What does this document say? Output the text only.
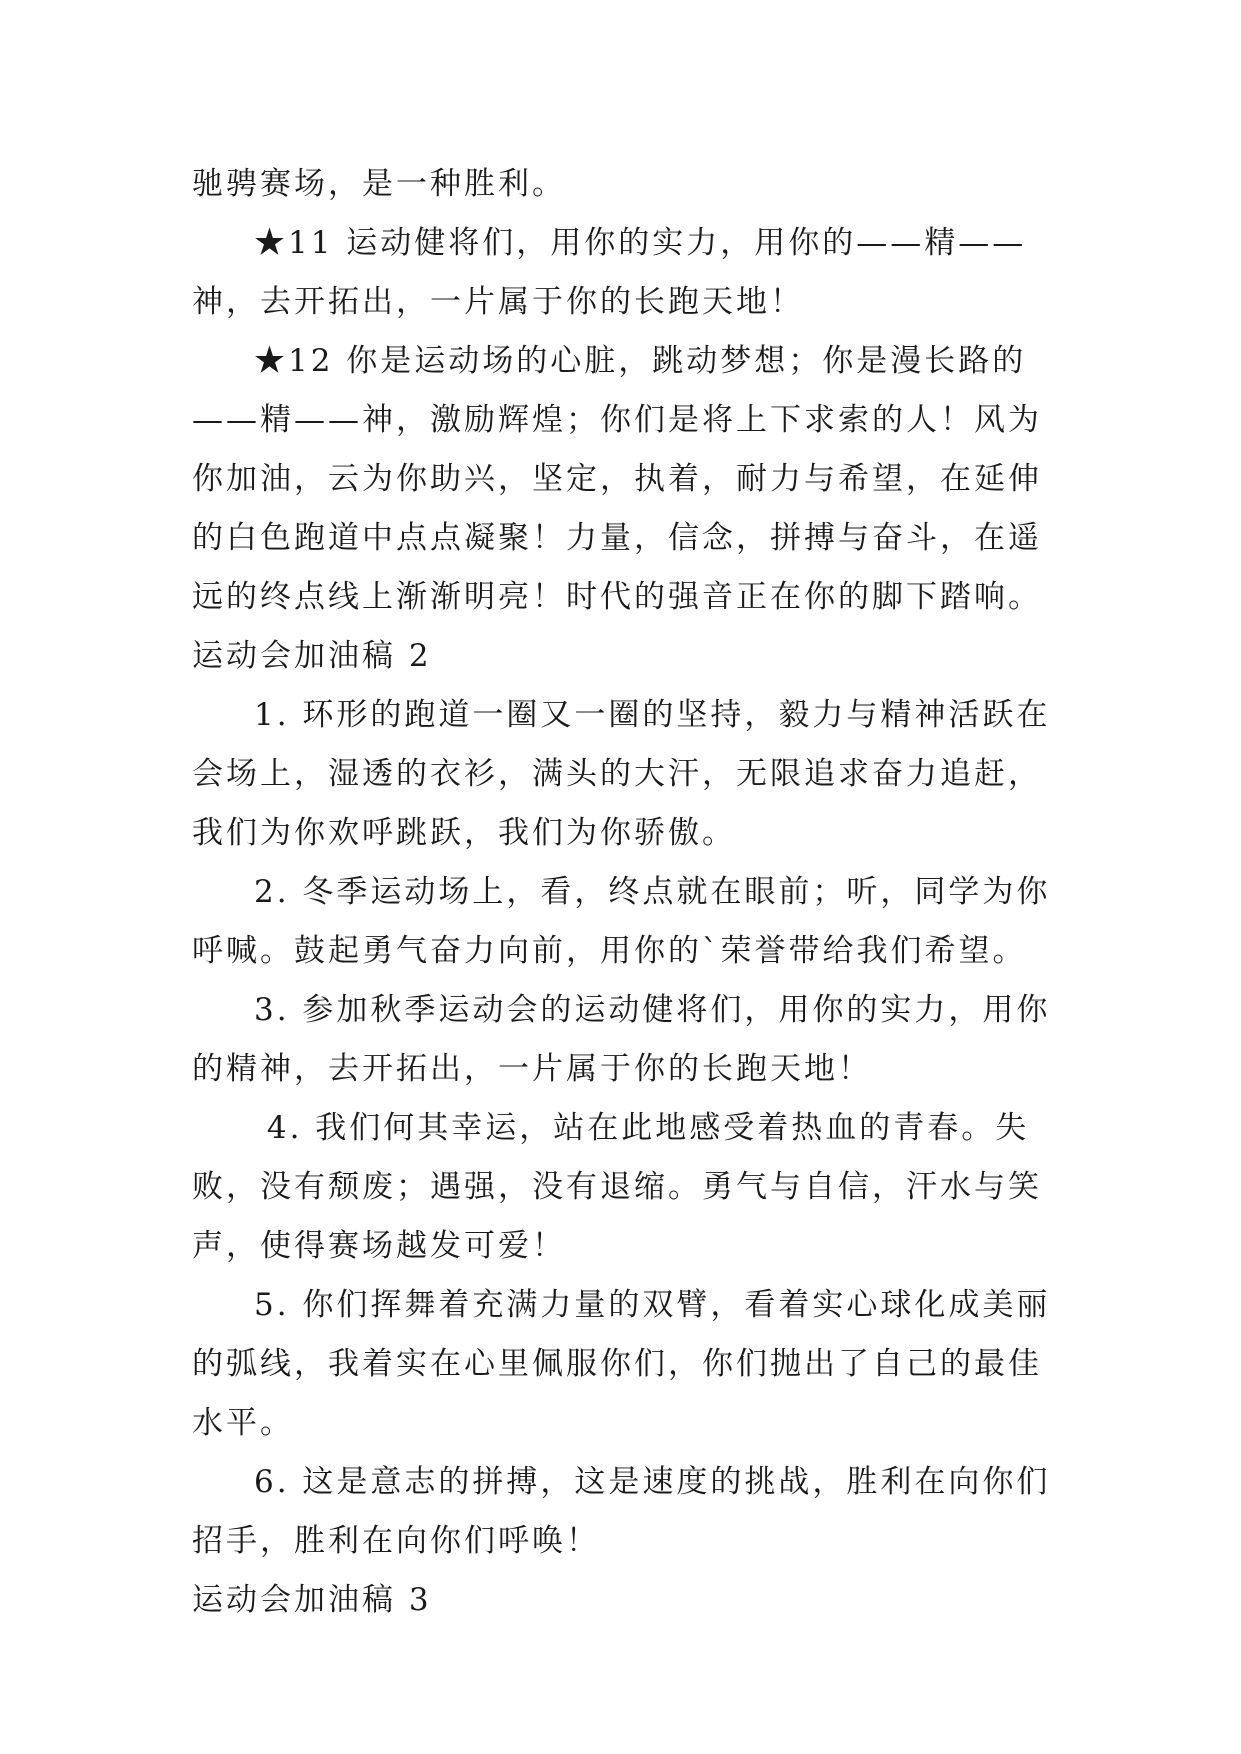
驰骋赛场，是一种胜利。

★11 运动健将们，用你的实力，用你的——精——神，去开拓出，一片属于你的长跑天地！

★12 你是运动场的心脏，跳动梦想；你是漫长路的——精——神，激励辉煌；你们是将上下求索的人！风为你加油，云为你助兴，坚定，执着，耐力与希望，在延伸的白色跑道中点点凝聚！力量，信念，拼搏与奋斗，在遥远的终点线上渐渐明亮！时代的强音正在你的脚下踏响。

运动会加油稿 2

1. 环形的跑道一圈又一圈的坚持，毅力与精神活跃在会场上，湿透的衣衫，满头的大汗，无限追求奋力追赶，我们为你欢呼跳跃，我们为你骄傲。

2. 冬季运动场上，看，终点就在眼前；听，同学为你呼喊。鼓起勇气奋力向前，用你的`荣誉带给我们希望。

3. 参加秋季运动会的运动健将们，用你的实力，用你的精神，去开拓出，一片属于你的长跑天地！

4. 我们何其幸运，站在此地感受着热血的青春。失败，没有颓废；遇强，没有退缩。勇气与自信，汗水与笑声，使得赛场越发可爱！

5. 你们挥舞着充满力量的双臂，看着实心球化成美丽的弧线，我着实在心里佩服你们，你们抛出了自己的最佳水平。

6. 这是意志的拼搏，这是速度的挑战，胜利在向你们招手，胜利在向你们呼唤！

运动会加油稿 3
